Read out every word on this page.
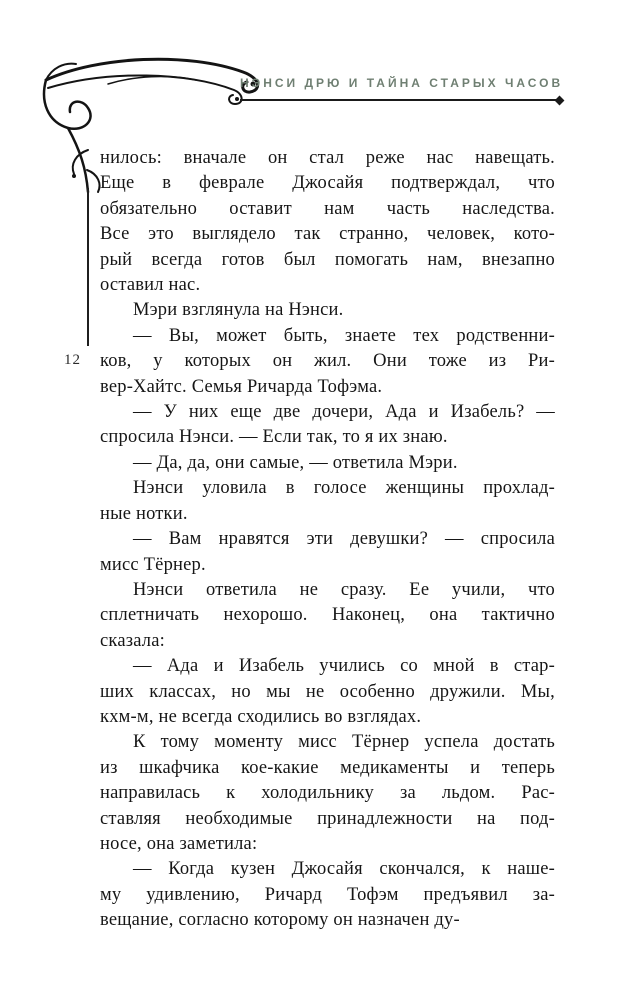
НЭНСИ ДРЮ И ТАЙНА СТАРЫХ ЧАСОВ
12
нилось: вначале он стал реже нас навещать.
Еще в феврале Джосайя подтверждал, что
обязательно оставит нам часть наследства.
Все это выглядело так странно, человек, кото-
рый всегда готов был помогать нам, внезапно
оставил нас.
Мэри взглянула на Нэнси.
— Вы, может быть, знаете тех родственни-
ков, у которых он жил. Они тоже из Ри-
вер-Хайтс. Семья Ричарда Тофэма.
— У них еще две дочери, Ада и Изабель? —
спросила Нэнси. — Если так, то я их знаю.
— Да, да, они самые, — ответила Мэри.
Нэнси уловила в голосе женщины прохлад-
ные нотки.
— Вам нравятся эти девушки? — спросила
мисс Тёрнер.
Нэнси ответила не сразу. Ее учили, что
сплетничать нехорошо. Наконец, она тактично
сказала:
— Ада и Изабель учились со мной в стар-
ших классах, но мы не особенно дружили. Мы,
кхм-м, не всегда сходились во взглядах.
К тому моменту мисс Тёрнер успела достать
из шкафчика кое-какие медикаменты и теперь
направилась к холодильнику за льдом. Рас-
ставляя необходимые принадлежности на под-
носе, она заметила:
— Когда кузен Джосайя скончался, к наше-
му удивлению, Ричард Тофэм предъявил за-
вещание, согласно которому он назначен ду-
